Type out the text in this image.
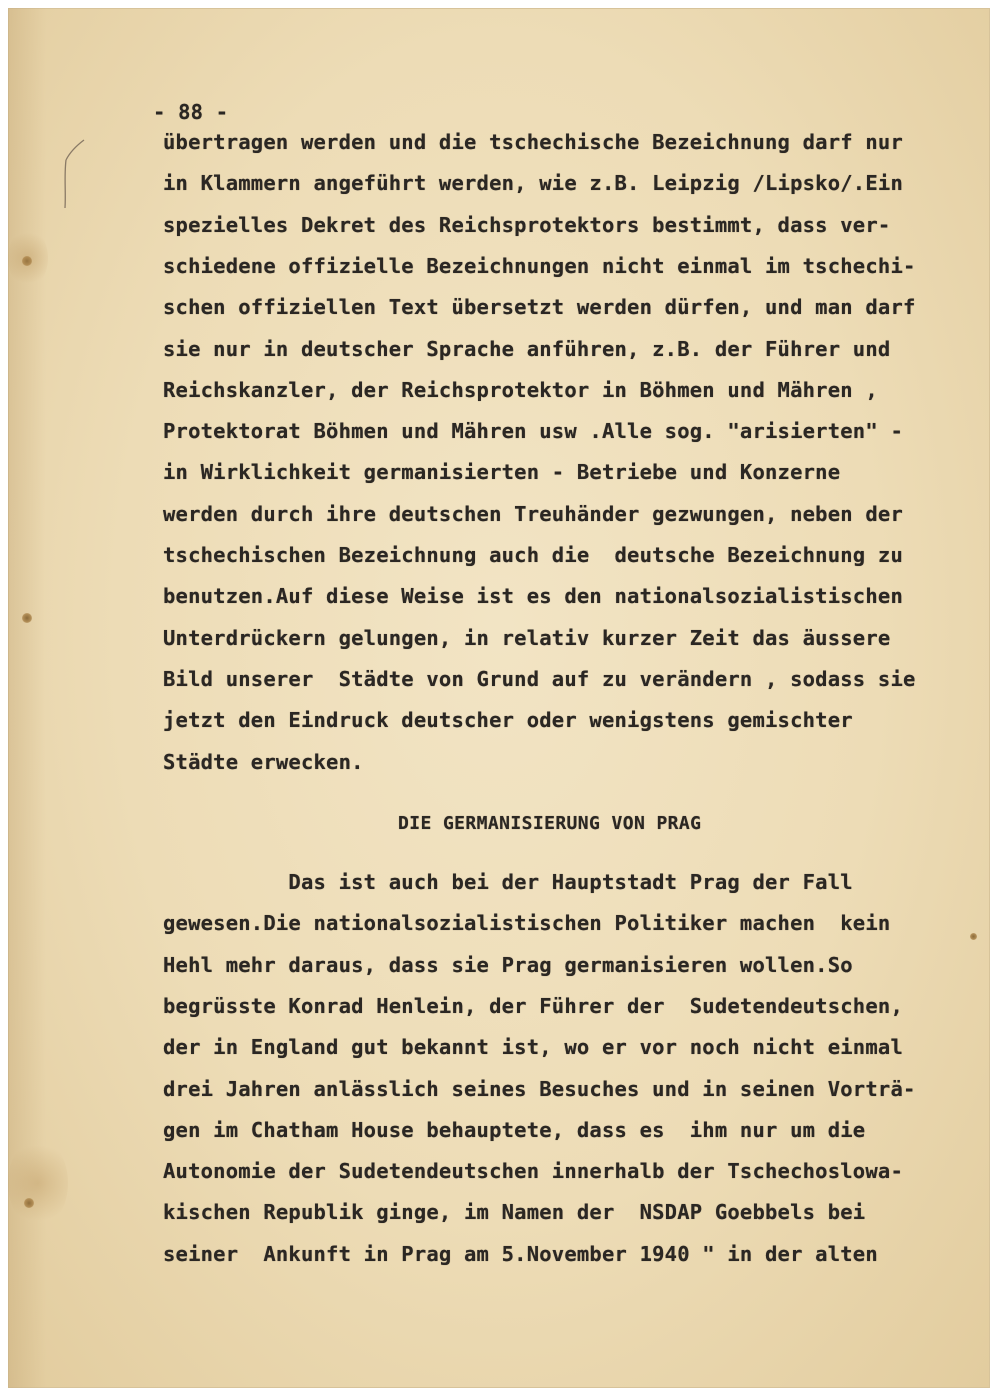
- 88 -
übertragen werden und die tschechische Bezeichnung darf nur
in Klammern angeführt werden, wie z.B. Leipzig /Lipsko/.Ein
spezielles Dekret des Reichsprotektors bestimmt, dass ver-
schiedene offizielle Bezeichnungen nicht einmal im tschechi-
schen offiziellen Text übersetzt werden dürfen, und man darf
sie nur in deutscher Sprache anführen, z.B. der Führer und
Reichskanzler, der Reichsprotektor in Böhmen und Mähren ,
Protektorat Böhmen und Mähren usw .Alle sog. "arisierten" -
in Wirklichkeit germanisierten - Betriebe und Konzerne
werden durch ihre deutschen Treuhänder gezwungen, neben der
tschechischen Bezeichnung auch die  deutsche Bezeichnung zu
benutzen.Auf diese Weise ist es den nationalsozialistischen
Unterdrückern gelungen, in relativ kurzer Zeit das äussere
Bild unserer  Städte von Grund auf zu verändern , sodass sie
jetzt den Eindruck deutscher oder wenigstens gemischter
Städte erwecken.
DIE GERMANISIERUNG VON PRAG
Das ist auch bei der Hauptstadt Prag der Fall
gewesen.Die nationalsozialistischen Politiker machen  kein
Hehl mehr daraus, dass sie Prag germanisieren wollen.So
begrüsste Konrad Henlein, der Führer der  Sudetendeutschen,
der in England gut bekannt ist, wo er vor noch nicht einmal
drei Jahren anlässlich seines Besuches und in seinen Vorträ-
gen im Chatham House behauptete, dass es  ihm nur um die
Autonomie der Sudetendeutschen innerhalb der Tschechoslowa-
kischen Republik ginge, im Namen der  NSDAP Goebbels bei
seiner  Ankunft in Prag am 5.November 1940 " in der alten
